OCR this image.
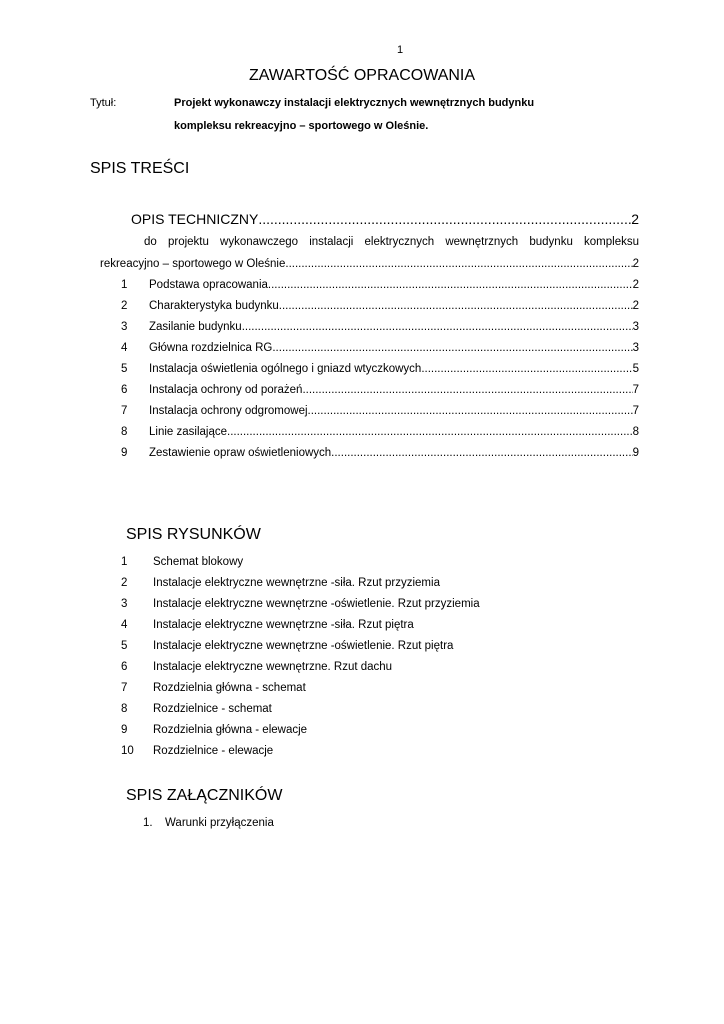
1
ZAWARTOŚĆ OPRACOWANIA
Tytuł:	Projekt wykonawczy instalacji elektrycznych wewnętrznych budynku
kompleksu rekreacyjno – sportowego w Oleśnie.
SPIS TREŚCI
OPIS TECHNICZNY .....	2
do projektu wykonawczego instalacji elektrycznych wewnętrznych budynku kompleksu
rekreacyjno – sportowego w Oleśnie .....	2
1	Podstawa opracowania .....	2
2	Charakterystyka budynku .....	2
3	Zasilanie budynku. .....	3
4	Główna rozdzielnica RG .....	3
5	Instalacja oświetlenia ogólnego i gniazd wtyczkowych .....	5
6	Instalacja ochrony od porażeń .....	7
7	Instalacja ochrony odgromowej .....	7
8	Linie zasilające .....	8
9	Zestawienie opraw oświetleniowych .....	9
SPIS RYSUNKÓW
1 Schemat blokowy
2 Instalacje elektryczne wewnętrzne -siła. Rzut przyziemia
3 Instalacje elektryczne wewnętrzne -oświetlenie. Rzut przyziemia
4 Instalacje elektryczne wewnętrzne -siła. Rzut piętra
5 Instalacje elektryczne wewnętrzne -oświetlenie. Rzut piętra
6 Instalacje elektryczne wewnętrzne. Rzut dachu
7 Rozdzielnia główna - schemat
8 Rozdzielnice - schemat
9 Rozdzielnia główna - elewacje
10 Rozdzielnice - elewacje
SPIS ZAŁĄCZNIKÓW
1. Warunki przyłączenia
